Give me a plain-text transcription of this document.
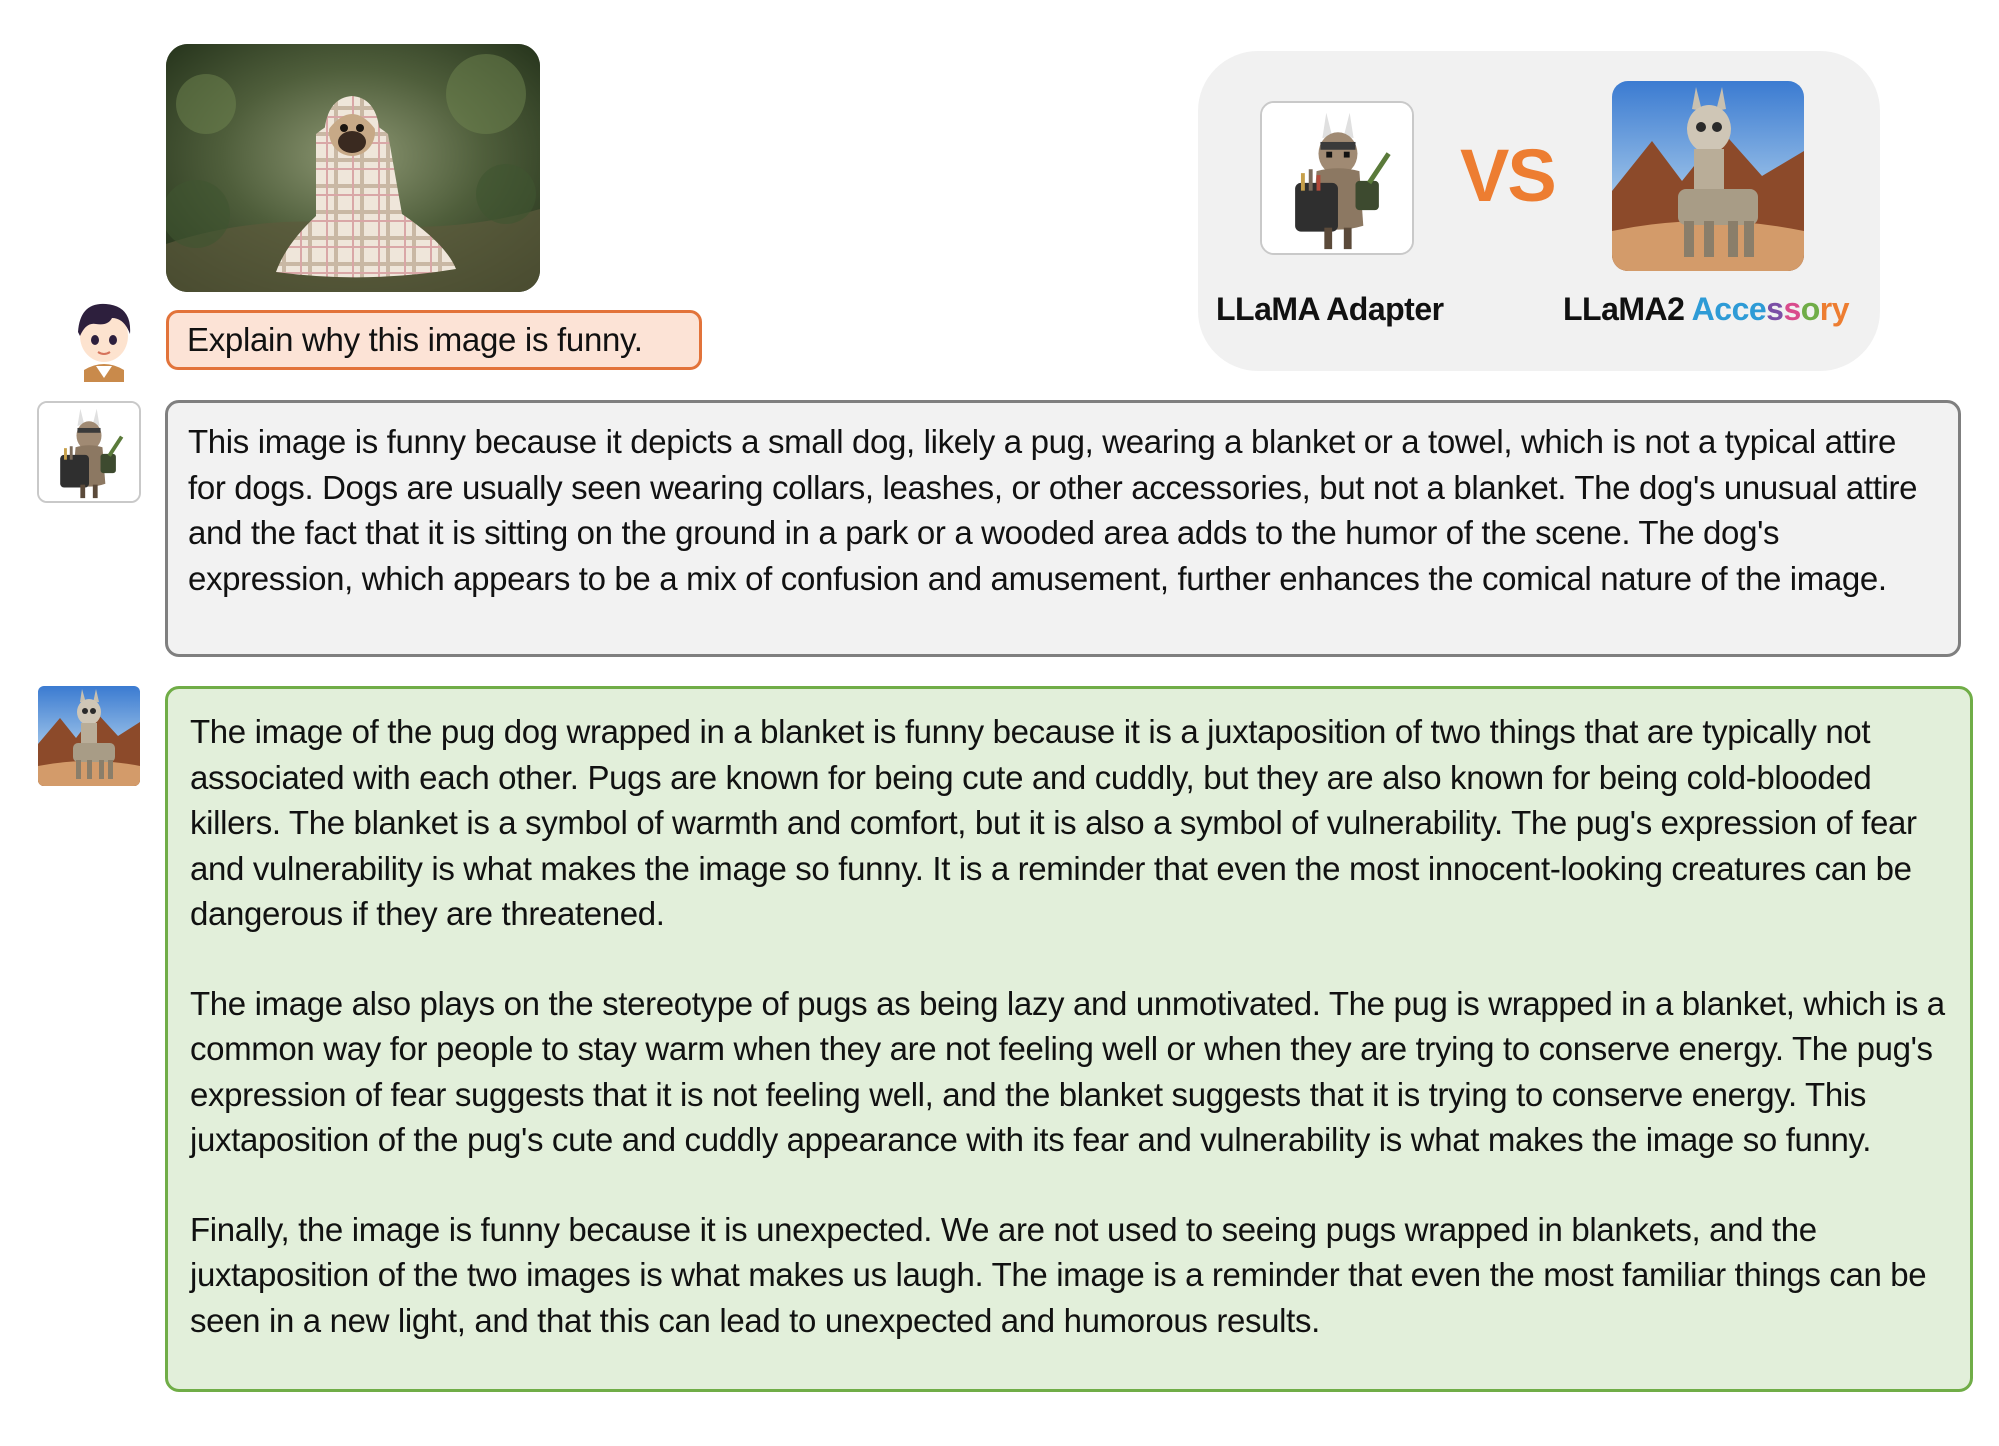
Explain why this image is funny.
VS
LLaMA Adapter	LLaMA2 Accessory
This image is funny because it depicts a small dog, likely a pug, wearing a blanket or a towel, which is not a typical attire for dogs. Dogs are usually seen wearing collars, leashes, or other accessories, but not a blanket. The dog's unusual attire and the fact that it is sitting on the ground in a park or a wooded area adds to the humor of the scene. The dog's expression, which appears to be a mix of confusion and amusement, further enhances the comical nature of the image.

The image of the pug dog wrapped in a blanket is funny because it is a juxtaposition of two things that are typically not associated with each other. Pugs are known for being cute and cuddly, but they are also known for being cold-blooded killers. The blanket is a symbol of warmth and comfort, but it is also a symbol of vulnerability. The pug's expression of fear and vulnerability is what makes the image so funny. It is a reminder that even the most innocent-looking creatures can be dangerous if they are threatened.

The image also plays on the stereotype of pugs as being lazy and unmotivated. The pug is wrapped in a blanket, which is a common way for people to stay warm when they are not feeling well or when they are trying to conserve energy. The pug's expression of fear suggests that it is not feeling well, and the blanket suggests that it is trying to conserve energy. This juxtaposition of the pug's cute and cuddly appearance with its fear and vulnerability is what makes the image so funny.

Finally, the image is funny because it is unexpected. We are not used to seeing pugs wrapped in blankets, and the juxtaposition of the two images is what makes us laugh. The image is a reminder that even the most familiar things can be seen in a new light, and that this can lead to unexpected and humorous results.
